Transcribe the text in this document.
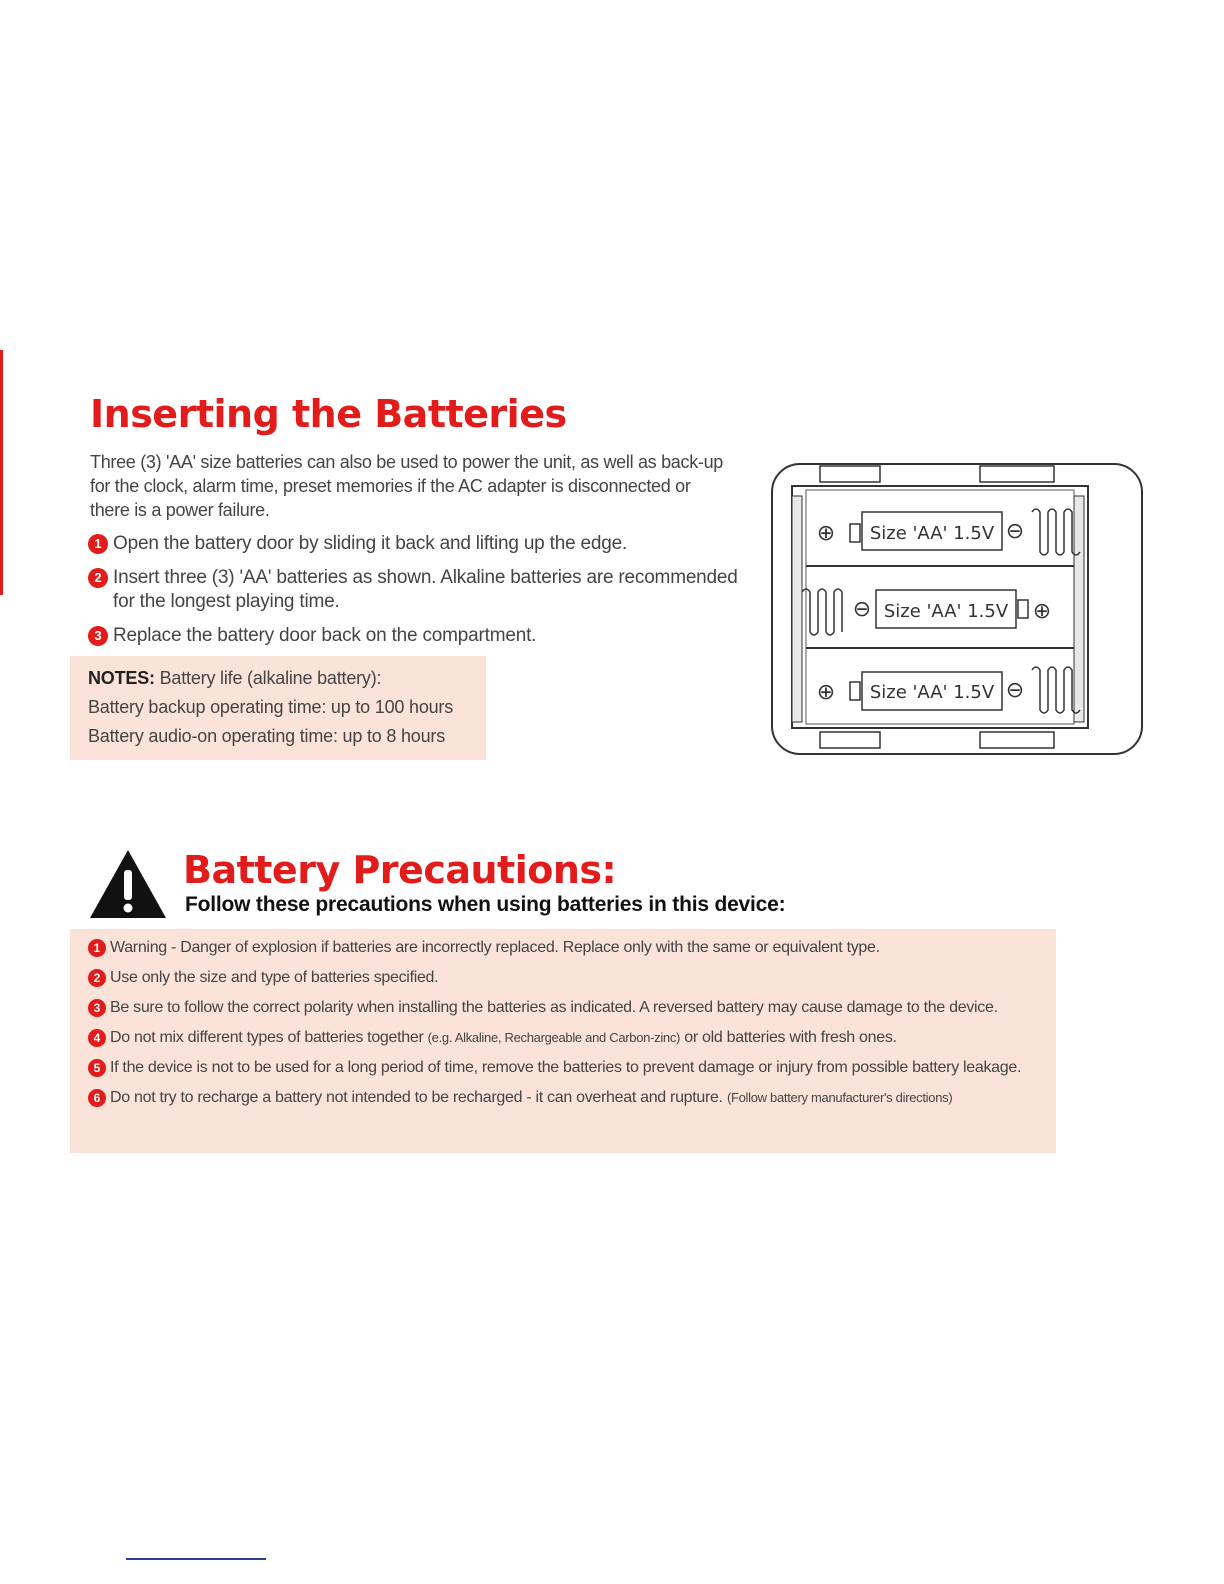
Inserting the Batteries

Three (3) 'AA' size batteries can also be used to power the unit, as well as back-up for the clock, alarm time, preset memories if the AC adapter is disconnected or there is a power failure.

1 Open the battery door by sliding it back and lifting up the edge.
2 Insert three (3) 'AA' batteries as shown. Alkaline batteries are recommended for the longest playing time.
3 Replace the battery door back on the compartment.
NOTES: Battery life (alkaline battery):
Battery backup operating time: up to 100 hours
Battery audio-on operating time: up to 8 hours
⊕ Size 'AA' 1.5V ⊖
⊖ Size 'AA' 1.5V ⊕
⊕ Size 'AA' 1.5V ⊖
Battery Precautions:

Follow these precautions when using batteries in this device:

1 Warning - Danger of explosion if batteries are incorrectly replaced. Replace only with the same or equivalent type.
2 Use only the size and type of batteries specified.
3 Be sure to follow the correct polarity when installing the batteries as indicated. A reversed battery may cause damage to the device.
4 Do not mix different types of batteries together (e.g. Alkaline, Rechargeable and Carbon-zinc) or old batteries with fresh ones.
5 If the device is not to be used for a long period of time, remove the batteries to prevent damage or injury from possible battery leakage.
6 Do not try to recharge a battery not intended to be recharged - it can overheat and rupture. (Follow battery manufacturer's directions)
